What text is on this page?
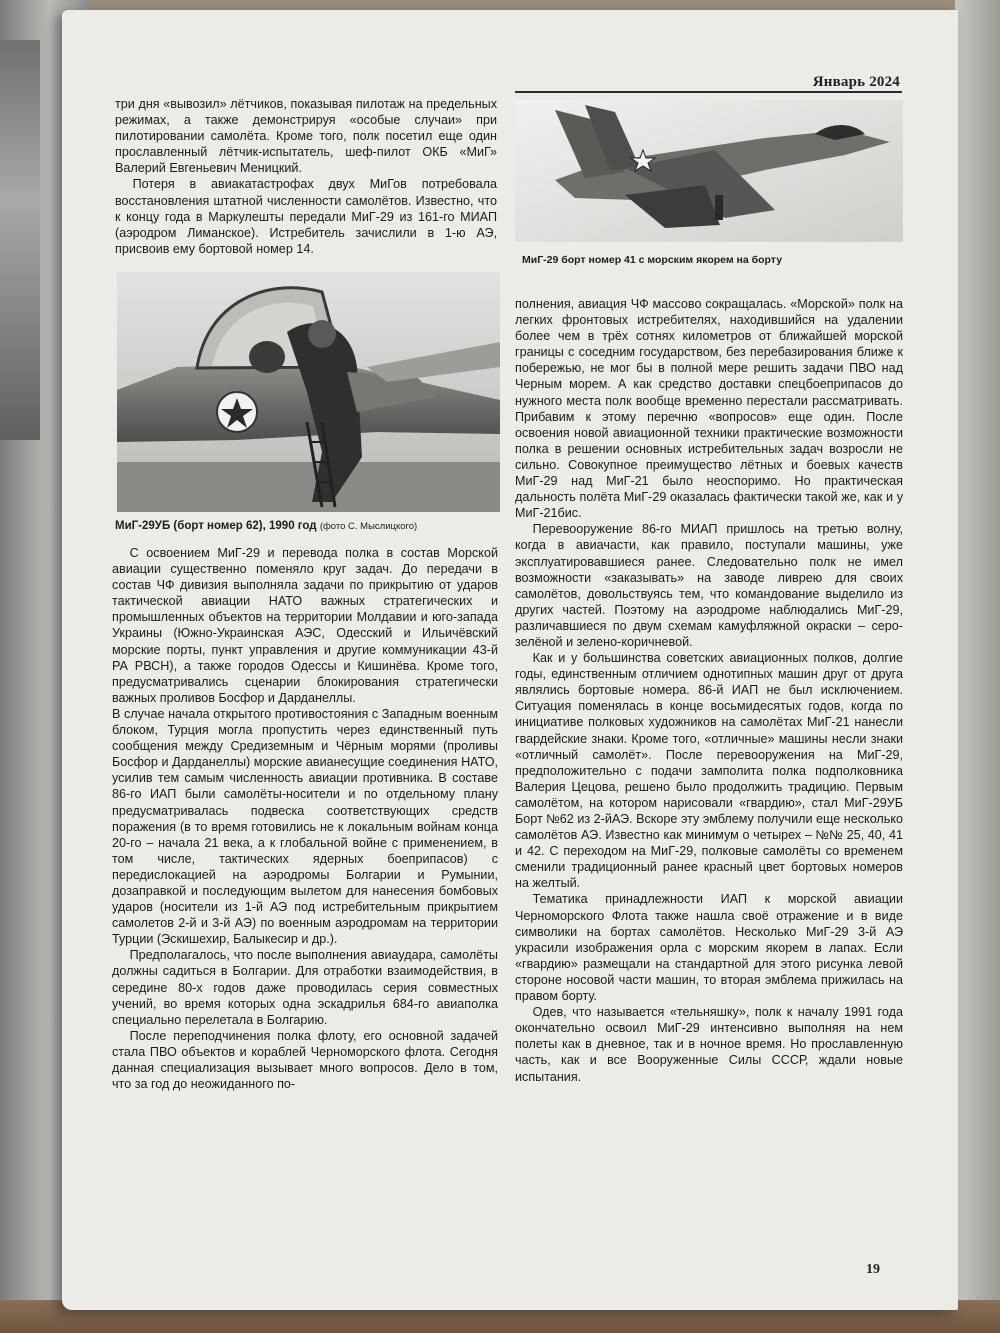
Январь 2024

три дня «вывозил» лётчиков, показывая пилотаж на предельных режимах, а также демонстрируя «особые случаи» при пилотировании самолёта. Кроме того, полк посетил еще один прославленный лётчик-испытатель, шеф-пилот ОКБ «МиГ» Валерий Евгеньевич Меницкий.

Потеря в авиакатастрофах двух МиГов потребовала восстановления штатной численности самолётов. Известно, что к концу года в Маркулешты передали МиГ-29 из 161-го МИАП (аэродром Лиманское). Истребитель зачислили в 1-ю АЭ, присвоив ему бортовой номер 14.

МиГ-29УБ (борт номер 62), 1990 год (фото С. Мыслицкого)

С освоением МиГ-29 и перевода полка в состав Морской авиации существенно поменяло круг задач. До передачи в состав ЧФ дивизия выполняла задачи по прикрытию от ударов тактической авиации НАТО важных стратегических и промышленных объектов на территории Молдавии и юго-запада Украины (Южно-Украинская АЭС, Одесский и Ильичёвский морские порты, пункт управления и другие коммуникации 43-й РА РВСН), а также городов Одессы и Кишинёва. Кроме того, предусматривались сценарии блокирования стратегически важных проливов Босфор и Дарданеллы.

В случае начала открытого противостояния с Западным военным блоком, Турция могла пропустить через единственный путь сообщения между Средиземным и Чёрным морями (проливы Босфор и Дарданеллы) морские авианесущие соединения НАТО, усилив тем самым численность авиации противника. В составе 86-го ИАП были самолёты-носители и по отдельному плану предусматривалась подвеска соответствующих средств поражения (в то время готовились не к локальным войнам конца 20-го – начала 21 века, а к глобальной войне с применением, в том числе, тактических ядерных боеприпасов) с передислокацией на аэродромы Болгарии и Румынии, дозаправкой и последующим вылетом для нанесения бомбовых ударов (носители из 1-й АЭ под истребительным прикрытием самолетов 2-й и 3-й АЭ) по военным аэродромам на территории Турции (Эскишехир, Балыкесир и др.).

Предполагалось, что после выполнения авиаудара, самолёты должны садиться в Болгарии. Для отработки взаимодействия, в середине 80-х годов даже проводилась серия совместных учений, во время которых одна эскадрилья 684-го авиаполка специально перелетала в Болгарию.

После переподчинения полка флоту, его основной задачей стала ПВО объектов и кораблей Черноморского флота. Сегодня данная специализация вызывает много вопросов. Дело в том, что за год до неожиданного по-

МиГ-29 борт номер 41 с морским якорем на борту

полнения, авиация ЧФ массово сокращалась. «Морской» полк на легких фронтовых истребителях, находившийся на удалении более чем в трёх сотнях километров от ближайшей морской границы с соседним государством, без перебазирования ближе к побережью, не мог бы в полной мере решить задачи ПВО над Черным морем. А как средство доставки спецбоеприпасов до нужного места полк вообще временно перестали рассматривать. Прибавим к этому перечню «вопросов» еще один. После освоения новой авиационной техники практические возможности полка в решении основных истребительных задач возросли не сильно. Совокупное преимущество лётных и боевых качеств МиГ-29 над МиГ-21 было неоспоримо. Но практическая дальность полёта МиГ-29 оказалась фактически такой же, как и у МиГ-21бис.

Перевооружение 86-го МИАП пришлось на третью волну, когда в авиачасти, как правило, поступали машины, уже эксплуатировавшиеся ранее. Следовательно полк не имел возможности «заказывать» на заводе ливрею для своих самолётов, довольствуясь тем, что командование выделило из других частей. Поэтому на аэродроме наблюдались МиГ-29, различавшиеся по двум схемам камуфляжной окраски – серо-зелёной и зелено-коричневой.

Как и у большинства советских авиационных полков, долгие годы, единственным отличием однотипных машин друг от друга являлись бортовые номера. 86-й ИАП не был исключением. Ситуация поменялась в конце восьмидесятых годов, когда по инициативе полковых художников на самолётах МиГ-21 нанесли гвардейские знаки. Кроме того, «отличные» машины несли знаки «отличный самолёт». После перевооружения на МиГ-29, предположительно с подачи замполита полка подполковника Валерия Цецова, решено было продолжить традицию. Первым самолётом, на котором нарисовали «гвардию», стал МиГ-29УБ Борт №62 из 2-йАЭ. Вскоре эту эмблему получили еще несколько самолётов АЭ. Известно как минимум о четырех – №№ 25, 40, 41 и 42. С переходом на МиГ-29, полковые самолёты со временем сменили традиционный ранее красный цвет бортовых номеров на желтый.

Тематика принадлежности ИАП к морской авиации Черноморского Флота также нашла своё отражение и в виде символики на бортах самолётов. Несколько МиГ-29 3-й АЭ украсили изображения орла с морским якорем в лапах. Если «гвардию» размещали на стандартной для этого рисунка левой стороне носовой части машин, то вторая эмблема прижилась на правом борту.

Одев, что называется «тельняшку», полк к началу 1991 года окончательно освоил МиГ-29 интенсивно выполняя на нем полеты как в дневное, так и в ночное время. Но прославленную часть, как и все Вооруженные Силы СССР, ждали новые испытания.

19
